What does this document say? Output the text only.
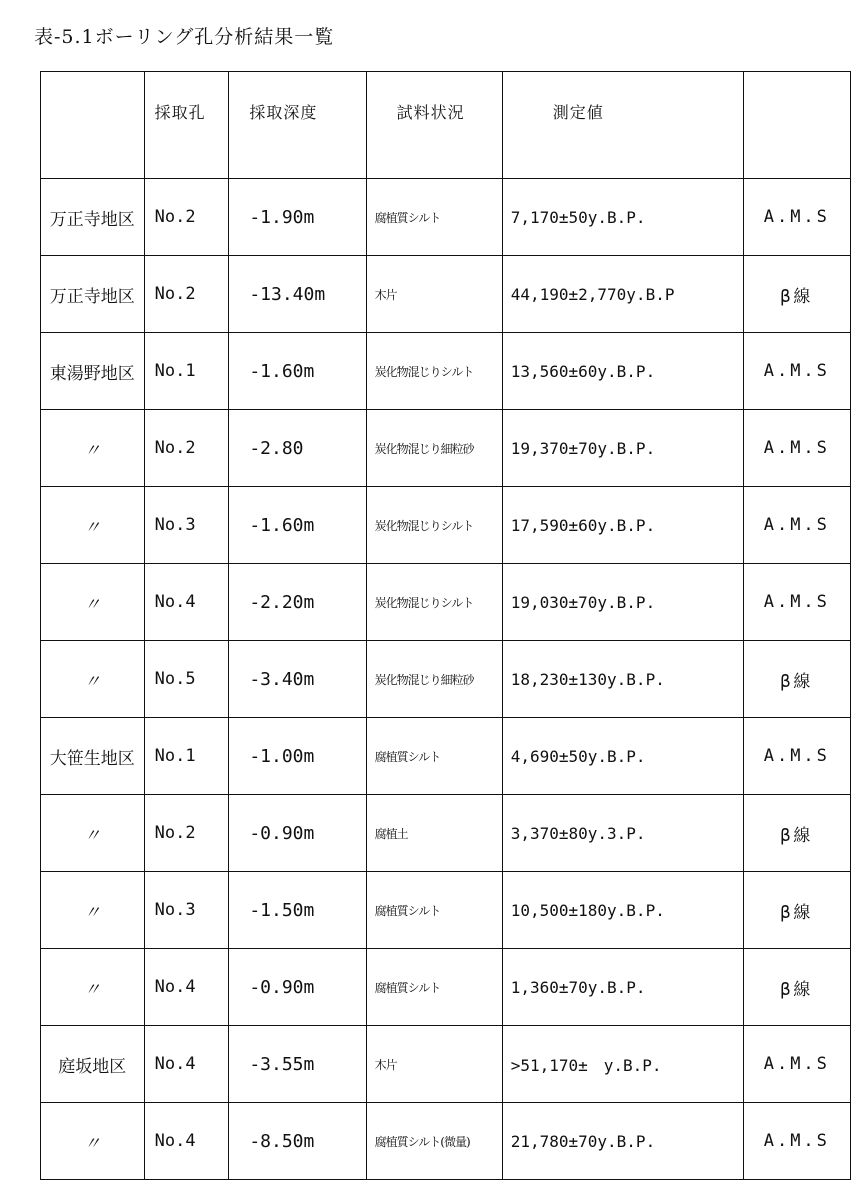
表-5.1ボーリング孔分析結果一覧
	採取孔	採取深度	試料状況	測定値	
万正寺地区	No.2	-1.90m	腐植質シルト	7,170±50y.B.P.	A.M.S
万正寺地区	No.2	-13.40m	木片	44,190±2,770y.B.P	β線
東湯野地区	No.1	-1.60m	炭化物混じりシルト	13,560±60y.B.P.	A.M.S
〃	No.2	-2.80	炭化物混じり細粒砂	19,370±70y.B.P.	A.M.S
〃	No.3	-1.60m	炭化物混じりシルト	17,590±60y.B.P.	A.M.S
〃	No.4	-2.20m	炭化物混じりシルト	19,030±70y.B.P.	A.M.S
〃	No.5	-3.40m	炭化物混じり細粒砂	18,230±130y.B.P.	β線
大笹生地区	No.1	-1.00m	腐植質シルト	4,690±50y.B.P.	A.M.S
〃	No.2	-0.90m	腐植土	3,370±80y.3.P.	β線
〃	No.3	-1.50m	腐植質シルト	10,500±180y.B.P.	β線
〃	No.4	-0.90m	腐植質シルト	1,360±70y.B.P.	β線
庭坂地区	No.4	-3.55m	木片	>51,170±　y.B.P.	A.M.S
〃	No.4	-8.50m	腐植質シルト(微量)	21,780±70y.B.P.	A.M.S
